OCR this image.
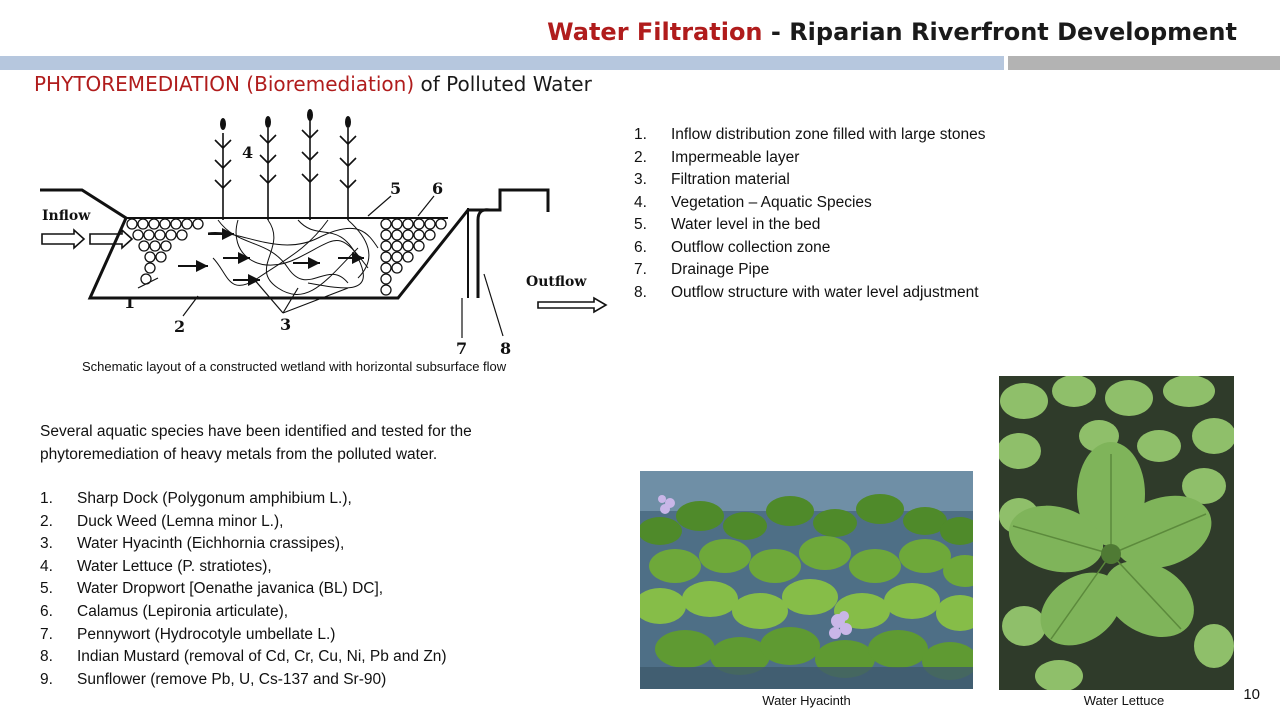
Water Filtration - Riparian Riverfront Development
PHYTOREMEDIATION (Bioremediation) of Polluted Water
Inflow
Outflow
1
2	3
4
5 6
7 8
Schematic layout of a constructed wetland with horizontal subsurface flow
1. Inflow distribution zone filled with large stones
2. Impermeable layer
3. Filtration material
4. Vegetation – Aquatic Species
5. Water level in the bed
6. Outflow collection zone
7. Drainage Pipe
8. Outflow structure with water level adjustment

Several aquatic species have been identified and tested for the phytoremediation of heavy metals from the polluted water.

1. Sharp Dock (Polygonum amphibium L.),
2. Duck Weed (Lemna minor L.),
3. Water Hyacinth (Eichhornia crassipes),
4. Water Lettuce (P. stratiotes),
5. Water Dropwort [Oenathe javanica (BL) DC],
6. Calamus (Lepironia articulate),
7. Pennywort (Hydrocotyle umbellate L.)
8. Indian Mustard (removal of Cd, Cr, Cu, Ni, Pb and Zn)
9. Sunflower (remove Pb, U, Cs-137 and Sr-90)
Water Hyacinth	Water Lettuce	10
